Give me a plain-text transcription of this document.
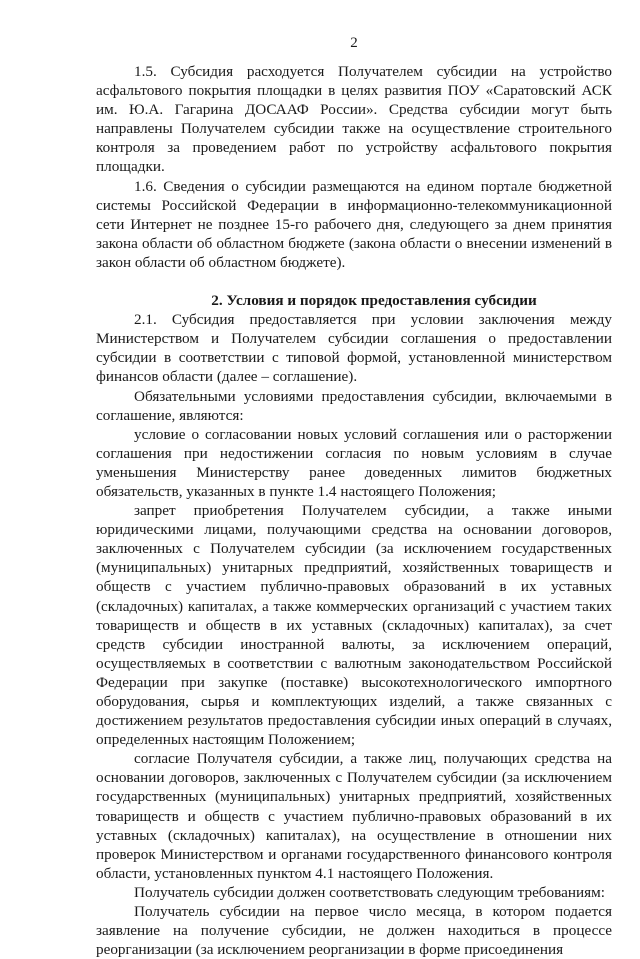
2

1.5. Субсидия расходуется Получателем субсидии на устройство асфальтового покрытия площадки в целях развития ПОУ «Саратовский АСК им. Ю.А. Гагарина ДОСААФ России». Средства субсидии могут быть направлены Получателем субсидии также на осуществление строительного контроля за проведением работ по устройству асфальтового покрытия площадки.

1.6. Сведения о субсидии размещаются на едином портале бюджетной системы Российской Федерации в информационно-телекоммуникационной сети Интернет не позднее 15-го рабочего дня, следующего за днем принятия закона области об областном бюджете (закона области о внесении изменений в закон области об областном бюджете).

2. Условия и порядок предоставления субсидии

2.1. Субсидия предоставляется при условии заключения между Министерством и Получателем субсидии соглашения о предоставлении субсидии в соответствии с типовой формой, установленной министерством финансов области (далее – соглашение).

Обязательными условиями предоставления субсидии, включаемыми в соглашение, являются:

условие о согласовании новых условий соглашения или о расторжении соглашения при недостижении согласия по новым условиям в случае уменьшения Министерству ранее доведенных лимитов бюджетных обязательств, указанных в пункте 1.4 настоящего Положения;

запрет приобретения Получателем субсидии, а также иными юридическими лицами, получающими средства на основании договоров, заключенных с Получателем субсидии (за исключением государственных (муниципальных) унитарных предприятий, хозяйственных товариществ и обществ с участием публично-правовых образований в их уставных (складочных) капиталах, а также коммерческих организаций с участием таких товариществ и обществ в их уставных (складочных) капиталах), за счет средств субсидии иностранной валюты, за исключением операций, осуществляемых в соответствии с валютным законодательством Российской Федерации при закупке (поставке) высокотехнологического импортного оборудования, сырья и комплектующих изделий, а также связанных с достижением результатов предоставления субсидии иных операций в случаях, определенных настоящим Положением;

согласие Получателя субсидии, а также лиц, получающих средства на основании договоров, заключенных с Получателем субсидии (за исключением государственных (муниципальных) унитарных предприятий, хозяйственных товариществ и обществ с участием публично-правовых образований в их уставных (складочных) капиталах), на осуществление в отношении них проверок Министерством и органами государственного финансового контроля области, установленных пунктом 4.1 настоящего Положения.

Получатель субсидии должен соответствовать следующим требованиям:

Получатель субсидии на первое число месяца, в котором подается заявление на получение субсидии, не должен находиться в процессе реорганизации (за исключением реорганизации в форме присоединения
